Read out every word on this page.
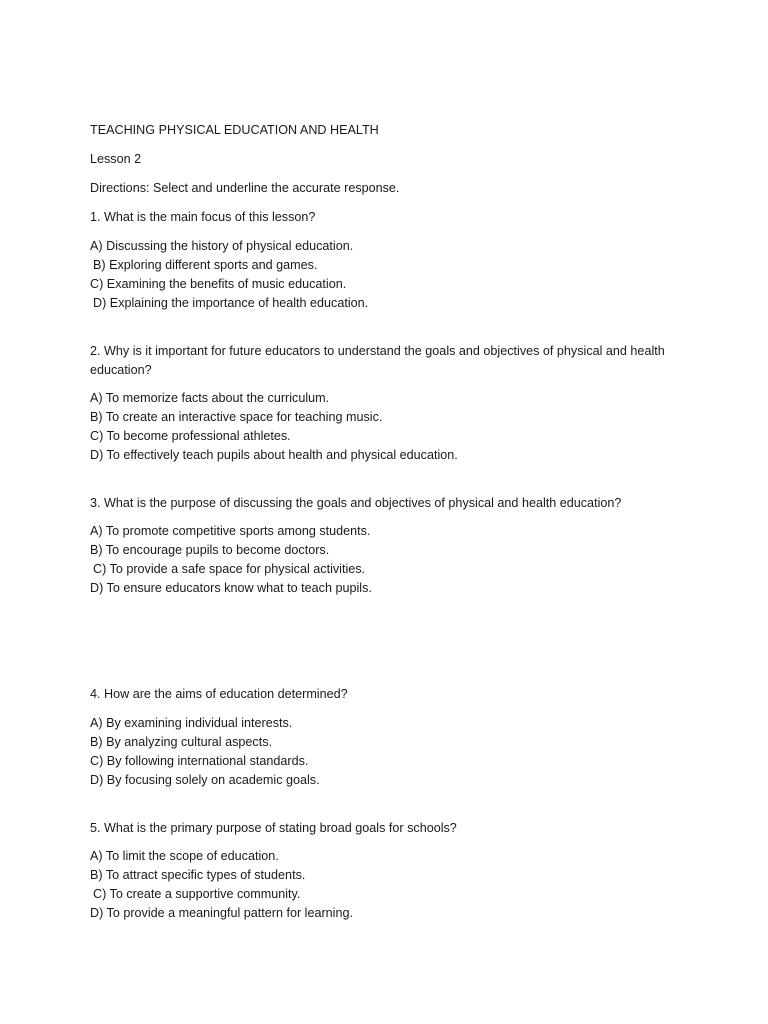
TEACHING PHYSICAL EDUCATION AND HEALTH
Lesson 2
Directions: Select and underline the accurate response.
1. What is the main focus of this lesson?
A) Discussing the history of physical education.
B) Exploring different sports and games.
C) Examining the benefits of music education.
D) Explaining the importance of health education.
2. Why is it important for future educators to understand the goals and objectives of physical and health education?
A) To memorize facts about the curriculum.
B) To create an interactive space for teaching music.
C) To become professional athletes.
D) To effectively teach pupils about health and physical education.
3. What is the purpose of discussing the goals and objectives of physical and health education?
A) To promote competitive sports among students.
B) To encourage pupils to become doctors.
C) To provide a safe space for physical activities.
D) To ensure educators know what to teach pupils.
4. How are the aims of education determined?
A) By examining individual interests.
B) By analyzing cultural aspects.
C) By following international standards.
D) By focusing solely on academic goals.
5. What is the primary purpose of stating broad goals for schools?
A) To limit the scope of education.
B) To attract specific types of students.
C) To create a supportive community.
D) To provide a meaningful pattern for learning.
